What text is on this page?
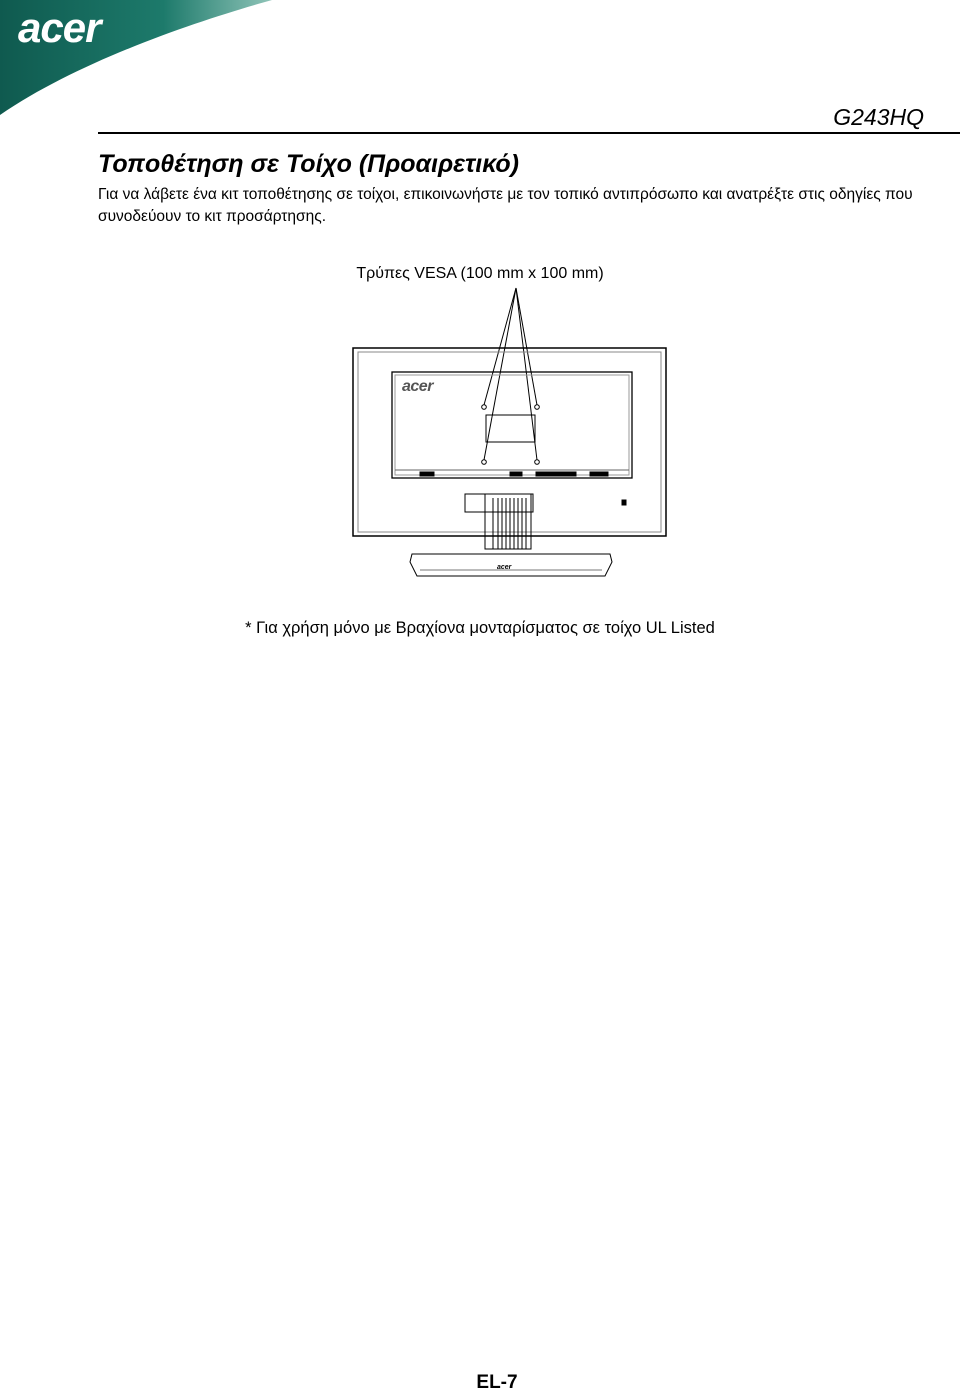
acer
G243HQ
Τοποθέτηση σε Τοίχο (Προαιρετικό)

Για να λάβετε ένα κιτ τοποθέτησης σε τοίχοι, επικοινωνήστε με τον τοπικό αντιπρόσωπο και ανατρέξτε στις οδηγίες που συνοδεύουν το κιτ προσάρτησης.

Τρύπες VESA (100 mm x 100 mm)
acer
acer
* Για χρήση μόνο με Βραχίονα μονταρίσματος σε τοίχο UL Listed
EL-7
